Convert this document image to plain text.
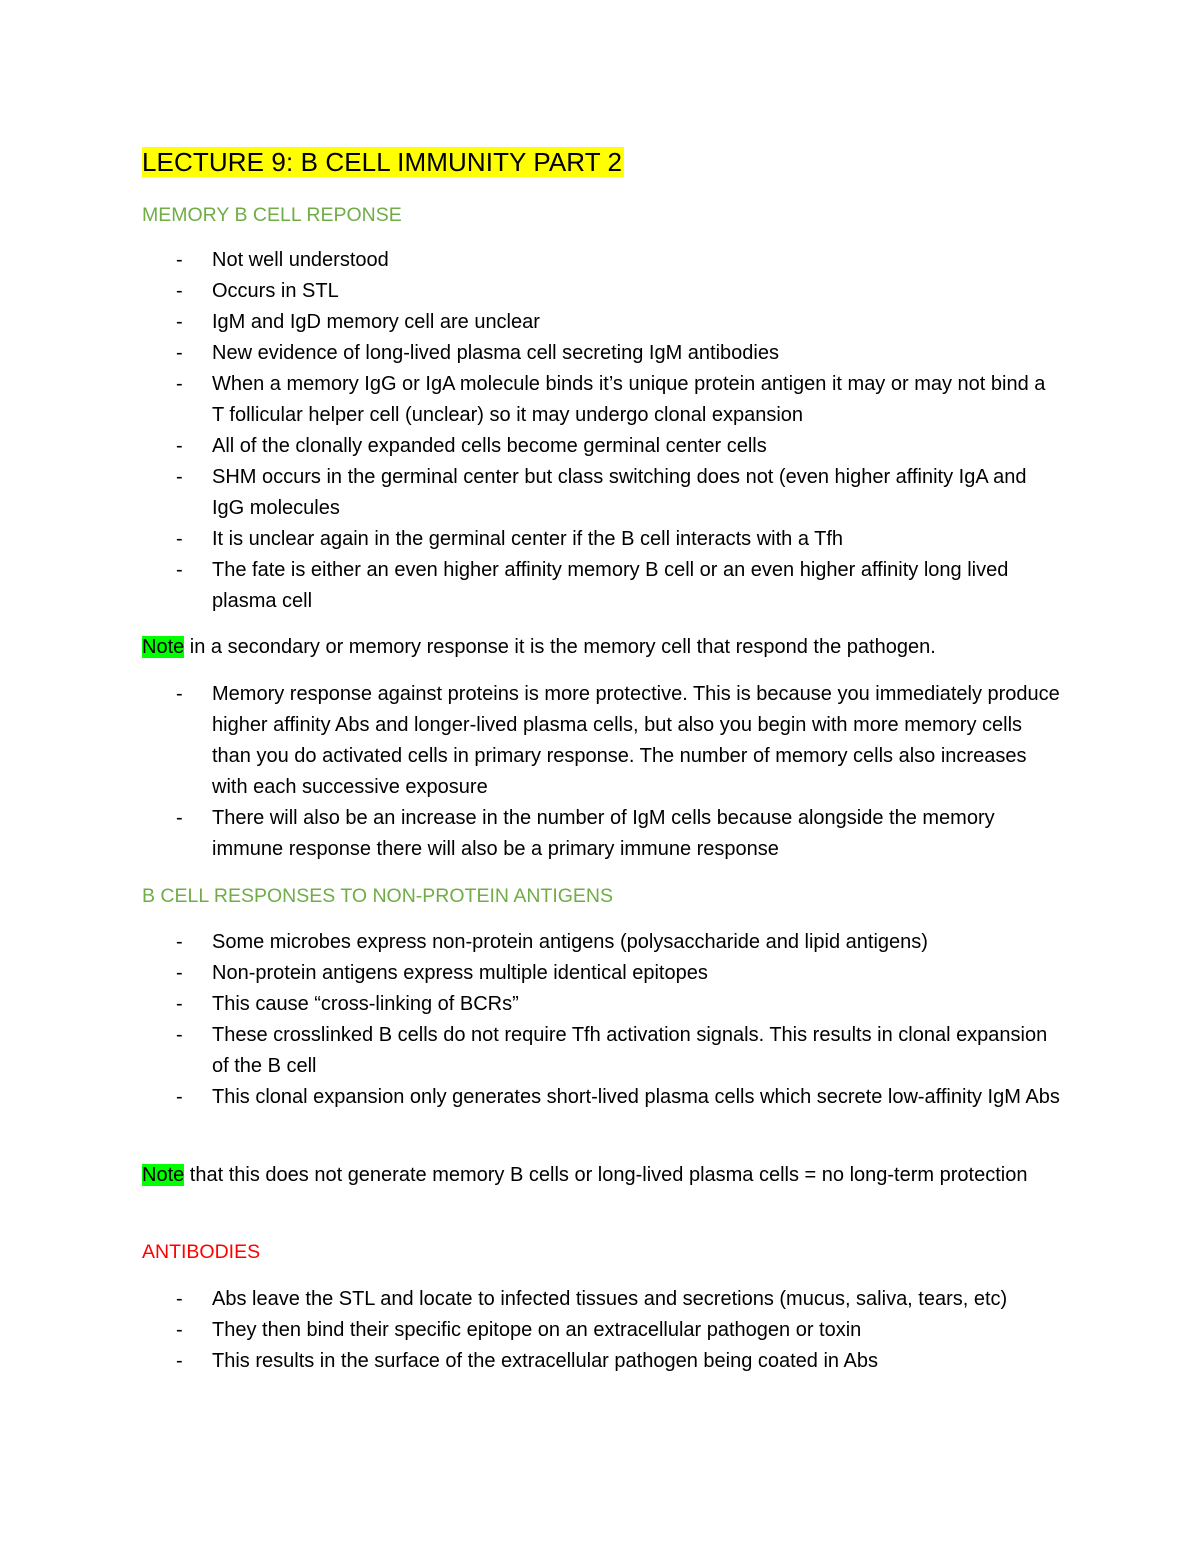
LECTURE 9: B CELL IMMUNITY PART 2
MEMORY B CELL REPONSE
- Not well understood
- Occurs in STL
- IgM and IgD memory cell are unclear
- New evidence of long-lived plasma cell secreting IgM antibodies
- When a memory IgG or IgA molecule binds it’s unique protein antigen it may or may not bind a T follicular helper cell (unclear) so it may undergo clonal expansion
- All of the clonally expanded cells become germinal center cells
- SHM occurs in the germinal center but class switching does not (even higher affinity IgA and IgG molecules
- It is unclear again in the germinal center if the B cell interacts with a Tfh
- The fate is either an even higher affinity memory B cell or an even higher affinity long lived plasma cell

Note in a secondary or memory response it is the memory cell that respond the pathogen.

- Memory response against proteins is more protective. This is because you immediately produce higher affinity Abs and longer-lived plasma cells, but also you begin with more memory cells than you do activated cells in primary response. The number of memory cells also increases with each successive exposure
- There will also be an increase in the number of IgM cells because alongside the memory immune response there will also be a primary immune response
B CELL RESPONSES TO NON-PROTEIN ANTIGENS
- Some microbes express non-protein antigens (polysaccharide and lipid antigens)
- Non-protein antigens express multiple identical epitopes
- This cause “cross-linking of BCRs”
- These crosslinked B cells do not require Tfh activation signals. This results in clonal expansion of the B cell
- This clonal expansion only generates short-lived plasma cells which secrete low-affinity IgM Abs

Note that this does not generate memory B cells or long-lived plasma cells = no long-term protection

ANTIBODIES
- Abs leave the STL and locate to infected tissues and secretions (mucus, saliva, tears, etc)
- They then bind their specific epitope on an extracellular pathogen or toxin
- This results in the surface of the extracellular pathogen being coated in Abs
